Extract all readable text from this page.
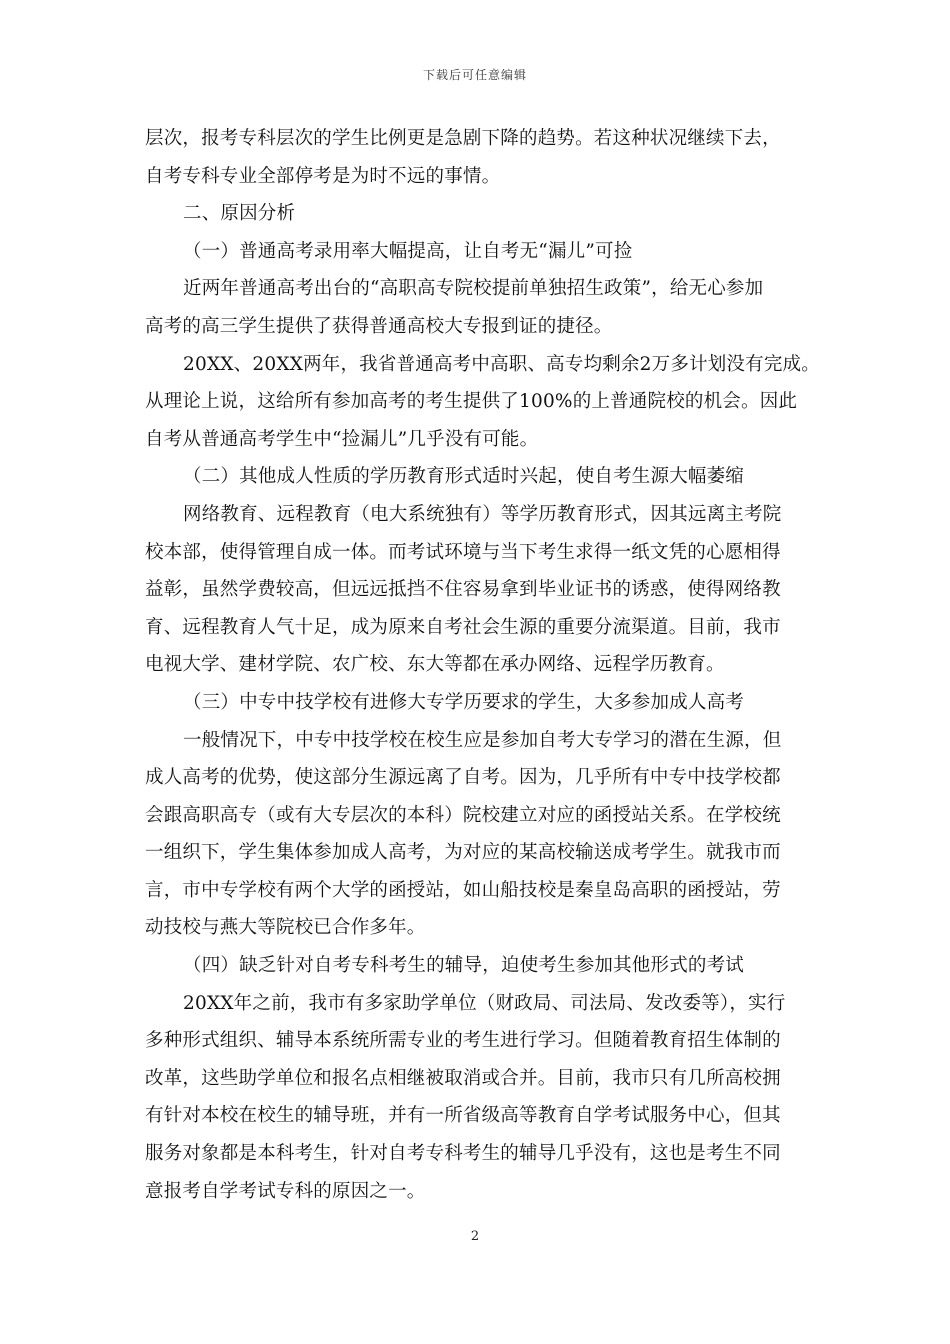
下载后可任意编辑
层次，报考专科层次的学生比例更是急剧下降的趋势。若这种状况继续下去，
自考专科专业全部停考是为时不远的事情。
二、原因分析
（一）普通高考录用率大幅提高，让自考无“漏儿”可捡
近两年普通高考出台的“高职高专院校提前单独招生政策”，给无心参加
高考的高三学生提供了获得普通高校大专报到证的捷径。
20XX、20XX两年，我省普通高考中高职、高专均剩余2万多计划没有完成。
从理论上说，这给所有参加高考的考生提供了100%的上普通院校的机会。因此
自考从普通高考学生中“捡漏儿”几乎没有可能。
（二）其他成人性质的学历教育形式适时兴起，使自考生源大幅萎缩
网络教育、远程教育（电大系统独有）等学历教育形式，因其远离主考院
校本部，使得管理自成一体。而考试环境与当下考生求得一纸文凭的心愿相得
益彰，虽然学费较高，但远远抵挡不住容易拿到毕业证书的诱惑，使得网络教
育、远程教育人气十足，成为原来自考社会生源的重要分流渠道。目前，我市
电视大学、建材学院、农广校、东大等都在承办网络、远程学历教育。
（三）中专中技学校有进修大专学历要求的学生，大多参加成人高考
一般情况下，中专中技学校在校生应是参加自考大专学习的潜在生源，但
成人高考的优势，使这部分生源远离了自考。因为，几乎所有中专中技学校都
会跟高职高专（或有大专层次的本科）院校建立对应的函授站关系。在学校统
一组织下，学生集体参加成人高考，为对应的某高校输送成考学生。就我市而
言，市中专学校有两个大学的函授站，如山船技校是秦皇岛高职的函授站，劳
动技校与燕大等院校已合作多年。
（四）缺乏针对自考专科考生的辅导，迫使考生参加其他形式的考试
20XX年之前，我市有多家助学单位（财政局、司法局、发改委等），实行
多种形式组织、辅导本系统所需专业的考生进行学习。但随着教育招生体制的
改革，这些助学单位和报名点相继被取消或合并。目前，我市只有几所高校拥
有针对本校在校生的辅导班，并有一所省级高等教育自学考试服务中心，但其
服务对象都是本科考生，针对自考专科考生的辅导几乎没有，这也是考生不同
意报考自学考试专科的原因之一。
2
